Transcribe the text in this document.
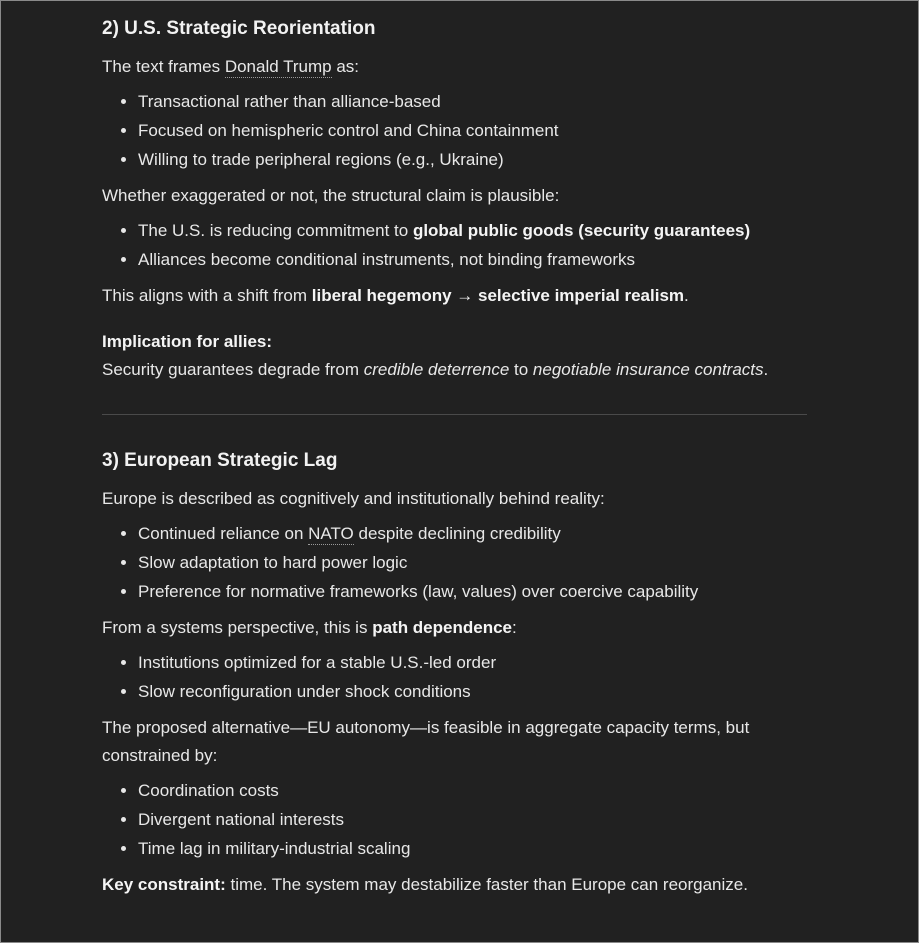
2) U.S. Strategic Reorientation

The text frames Donald Trump as:

• Transactional rather than alliance-based
• Focused on hemispheric control and China containment
• Willing to trade peripheral regions (e.g., Ukraine)

Whether exaggerated or not, the structural claim is plausible:

• The U.S. is reducing commitment to global public goods (security guarantees)
• Alliances become conditional instruments, not binding frameworks

This aligns with a shift from liberal hegemony → selective imperial realism.

Implication for allies:

Security guarantees degrade from credible deterrence to negotiable insurance contracts.

3) European Strategic Lag

Europe is described as cognitively and institutionally behind reality:

• Continued reliance on NATO despite declining credibility
• Slow adaptation to hard power logic
• Preference for normative frameworks (law, values) over coercive capability

From a systems perspective, this is path dependence:

• Institutions optimized for a stable U.S.-led order
• Slow reconfiguration under shock conditions

The proposed alternative—EU autonomy—is feasible in aggregate capacity terms, but constrained by:

• Coordination costs
• Divergent national interests
• Time lag in military-industrial scaling

Key constraint: time. The system may destabilize faster than Europe can reorganize.
